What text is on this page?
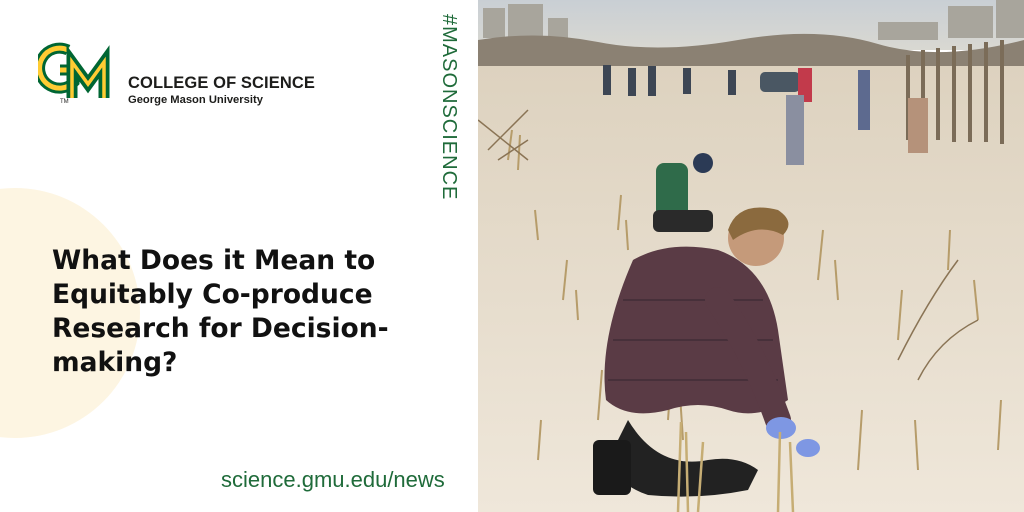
TM
COLLEGE OF SCIENCE
George Mason University	#MASONSCIENCE
What Does it Mean to Equitably Co-produce Research for Decision-making?
science.gmu.edu/news
